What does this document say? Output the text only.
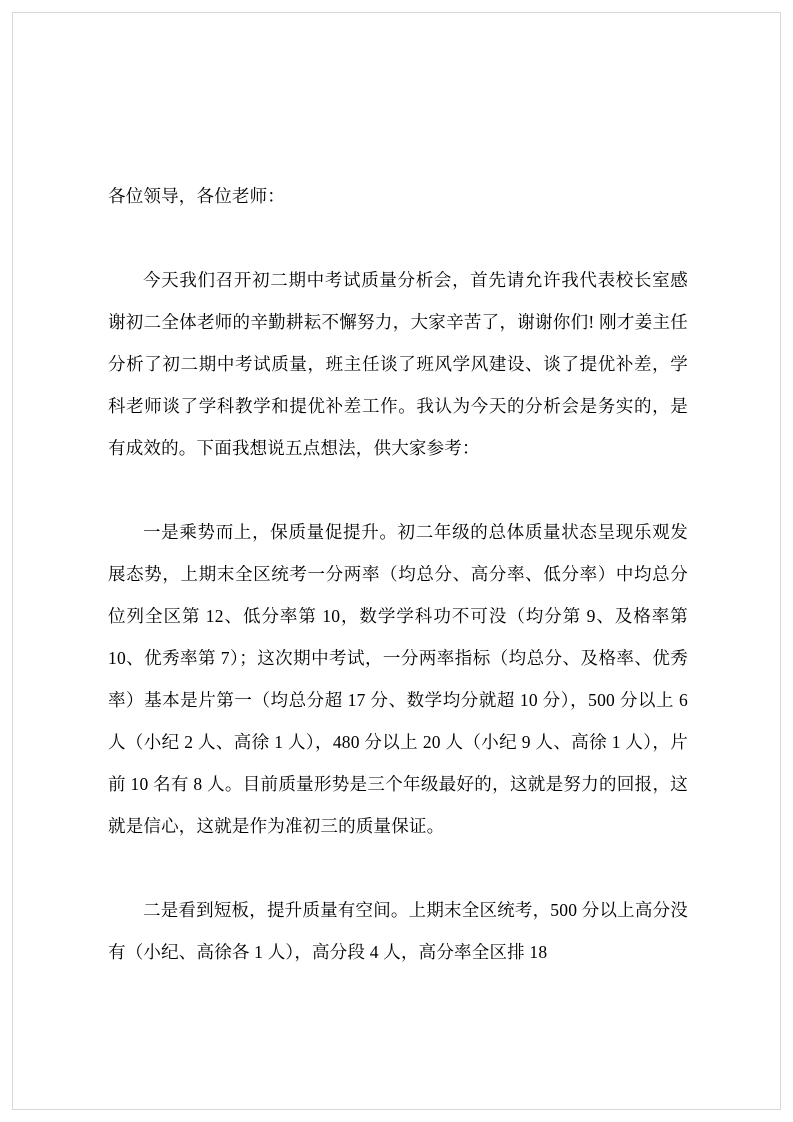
各位领导，各位老师：

今天我们召开初二期中考试质量分析会，首先请允许我代表校长室感谢初二全体老师的辛勤耕耘不懈努力，大家辛苦了，谢谢你们! 刚才姜主任分析了初二期中考试质量，班主任谈了班风学风建设、谈了提优补差，学科老师谈了学科教学和提优补差工作。我认为今天的分析会是务实的，是有成效的。下面我想说五点想法，供大家参考：

一是乘势而上，保质量促提升。初二年级的总体质量状态呈现乐观发展态势，上期末全区统考一分两率（均总分、高分率、低分率）中均总分位列全区第 12、低分率第 10，数学学科功不可没（均分第 9、及格率第 10、优秀率第 7）；这次期中考试，一分两率指标（均总分、及格率、优秀率）基本是片第一（均总分超 17 分、数学均分就超 10 分），500 分以上 6 人（小纪 2 人、高徐 1 人），480 分以上 20 人（小纪 9 人、高徐 1 人），片前 10 名有 8 人。目前质量形势是三个年级最好的，这就是努力的回报，这就是信心，这就是作为准初三的质量保证。

二是看到短板，提升质量有空间。上期末全区统考，500 分以上高分没有（小纪、高徐各 1 人），高分段 4 人，高分率全区排 18
